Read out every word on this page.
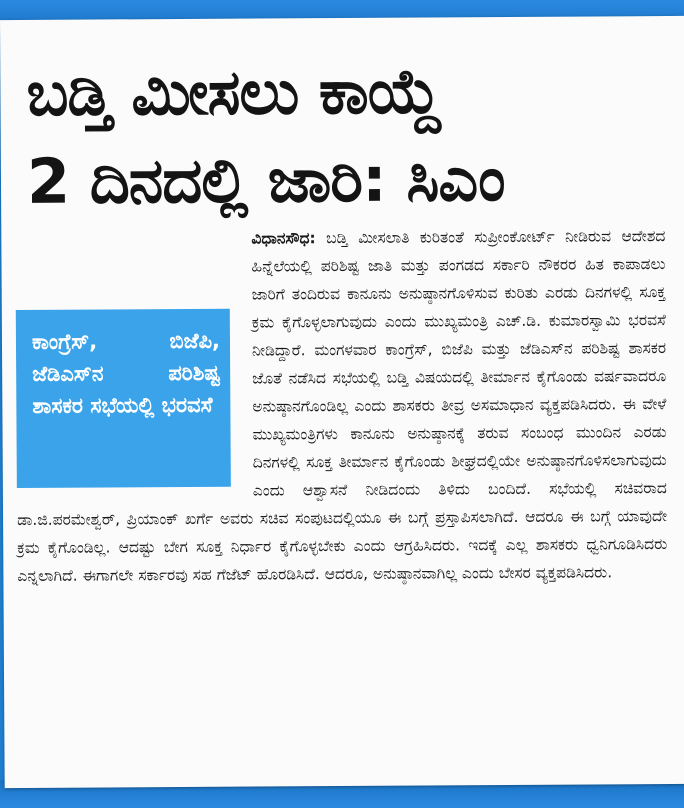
ಬಡ್ತಿ ಮೀಸಲು ಕಾಯ್ದೆ
2 ದಿನದಲ್ಲಿ ಜಾರಿ: ಸಿಎಂ

ಕಾಂಗ್ರೆಸ್, ಬಿಜೆಪಿ, ಜೆಡಿಎಸ್‌ನ ಪರಿಶಿಷ್ಟ ಶಾಸಕರ ಸಭೆಯಲ್ಲಿ ಭರವಸೆ
ವಿಧಾನಸೌಧ: ಬಡ್ತಿ ಮೀಸಲಾತಿ ಕುರಿತಂತೆ ಸುಪ್ರೀಂಕೋರ್ಟ್ ನೀಡಿರುವ ಆದೇಶದ ಹಿನ್ನೆಲೆಯಲ್ಲಿ ಪರಿಶಿಷ್ಟ ಜಾತಿ ಮತ್ತು ಪಂಗಡದ ಸರ್ಕಾರಿ ನೌಕರರ ಹಿತ ಕಾಪಾಡಲು ಜಾರಿಗೆ ತಂದಿರುವ ಕಾನೂನು ಅನುಷ್ಠಾನಗೊಳಿಸುವ ಕುರಿತು ಎರಡು ದಿನಗಳಲ್ಲಿ ಸೂಕ್ತ ಕ್ರಮ ಕೈಗೊಳ್ಳಲಾಗುವುದು ಎಂದು ಮುಖ್ಯಮಂತ್ರಿ ಎಚ್.ಡಿ. ಕುಮಾರಸ್ವಾಮಿ ಭರವಸೆ ನೀಡಿದ್ದಾರೆ. ಮಂಗಳವಾರ ಕಾಂಗ್ರೆಸ್, ಬಿಜೆಪಿ ಮತ್ತು ಜೆಡಿಎಸ್‌ನ ಪರಿಶಿಷ್ಟ ಶಾಸಕರ ಜೊತೆ ನಡೆಸಿದ ಸಭೆಯಲ್ಲಿ ಬಡ್ತಿ ವಿಷಯದಲ್ಲಿ ತೀರ್ಮಾನ ಕೈಗೊಂಡು ವರ್ಷವಾದರೂ ಅನುಷ್ಠಾನಗೊಂಡಿಲ್ಲ ಎಂದು ಶಾಸಕರು ತೀವ್ರ ಅಸಮಾಧಾನ ವ್ಯಕ್ತಪಡಿಸಿದರು. ಈ ವೇಳೆ ಮುಖ್ಯಮಂತ್ರಿಗಳು ಕಾನೂನು ಅನುಷ್ಠಾನಕ್ಕೆ ತರುವ ಸಂಬಂಧ ಮುಂದಿನ ಎರಡು ದಿನಗಳಲ್ಲಿ ಸೂಕ್ತ ತೀರ್ಮಾನ ಕೈಗೊಂಡು ಶೀಘ್ರದಲ್ಲಿಯೇ ಅನುಷ್ಠಾನಗೊಳಿಸಲಾಗುವುದು ಎಂದು ಆಶ್ವಾಸನೆ ನೀಡಿದಂದು ತಿಳಿದು ಬಂದಿದೆ. ಸಭೆಯಲ್ಲಿ ಸಚಿವರಾದ ಡಾ.ಜಿ.ಪರಮೇಶ್ವರ್, ಪ್ರಿಯಾಂಕ್ ಖರ್ಗೆ ಅವರು ಸಚಿವ ಸಂಪುಟದಲ್ಲಿಯೂ ಈ ಬಗ್ಗೆ ಪ್ರಸ್ತಾಪಿಸಲಾಗಿದೆ. ಆದರೂ ಈ ಬಗ್ಗೆ ಯಾವುದೇ ಕ್ರಮ ಕೈಗೊಂಡಿಲ್ಲ. ಆದಷ್ಟು ಬೇಗ ಸೂಕ್ತ ನಿರ್ಧಾರ ಕೈಗೊಳ್ಳಬೇಕು ಎಂದು ಆಗ್ರಹಿಸಿದರು. ಇದಕ್ಕೆ ಎಲ್ಲ ಶಾಸಕರು ಧ್ವನಿಗೂಡಿಸಿದರು ಎನ್ನಲಾಗಿದೆ. ಈಗಾಗಲೇ ಸರ್ಕಾರವು ಸಹ ಗೆಜೆಟ್ ಹೊರಡಿಸಿದೆ. ಆದರೂ, ಅನುಷ್ಠಾನವಾಗಿಲ್ಲ ಎಂದು ಬೇಸರ ವ್ಯಕ್ತಪಡಿಸಿದರು.
